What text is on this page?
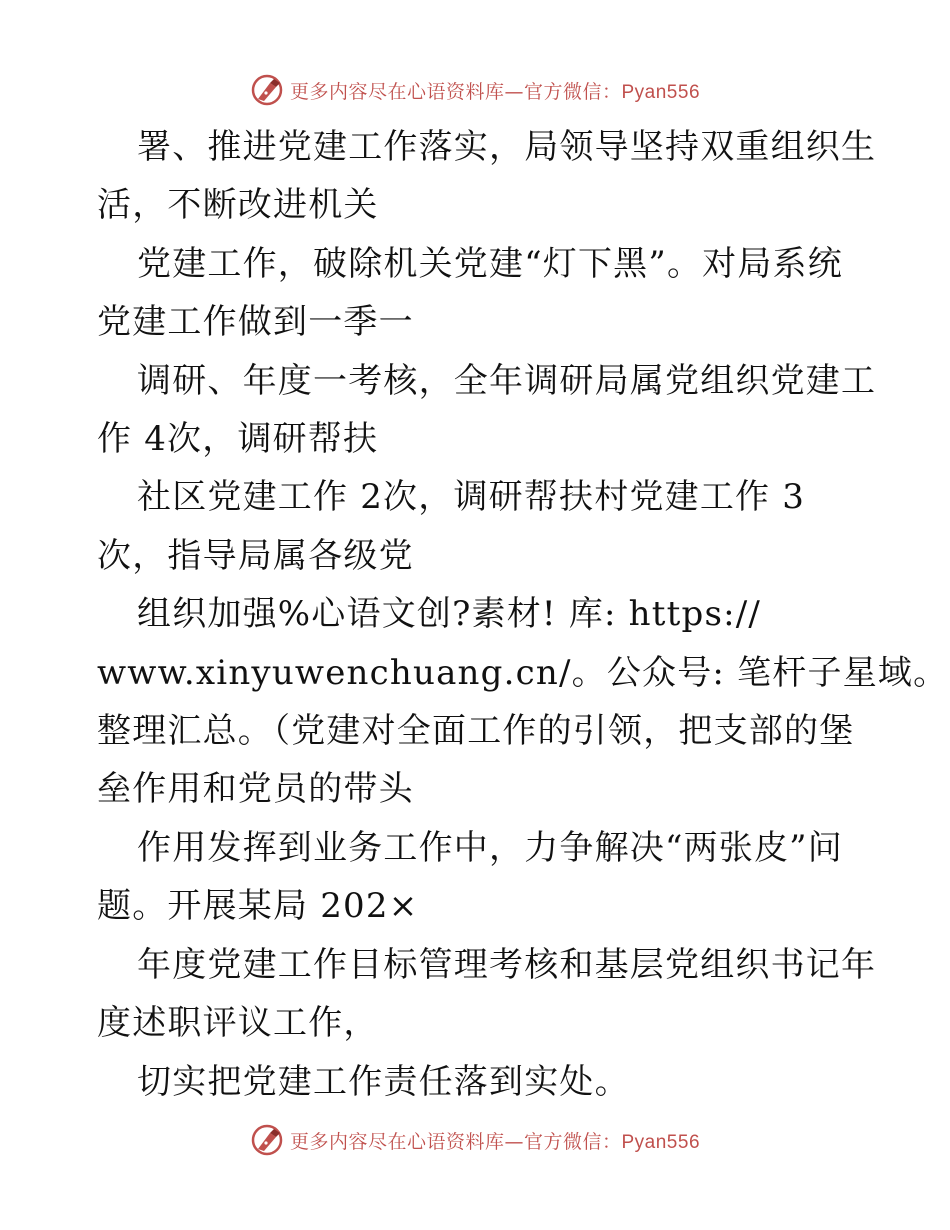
更多内容尽在心语资料库—官方微信：Pyan556
署、推进党建工作落实，局领导坚持双重组织生
活，不断改进机关
党建工作，破除机关党建“灯下黑”。对局系统
党建工作做到一季一
调研、年度一考核，全年调研局属党组织党建工
作 4次，调研帮扶
社区党建工作 2次，调研帮扶村党建工作 3
次，指导局属各级党
组织加强%心语文创?素材! 库: https://
www.xinyuwenchuang.cn/。公众号: 笔杆子星域。
整理汇总。（党建对全面工作的引领，把支部的堡
垒作用和党员的带头
作用发挥到业务工作中，力争解决“两张皮”问
题。开展某局 202×
年度党建工作目标管理考核和基层党组织书记年
度述职评议工作，
切实把党建工作责任落到实处。
更多内容尽在心语资料库—官方微信：Pyan556
